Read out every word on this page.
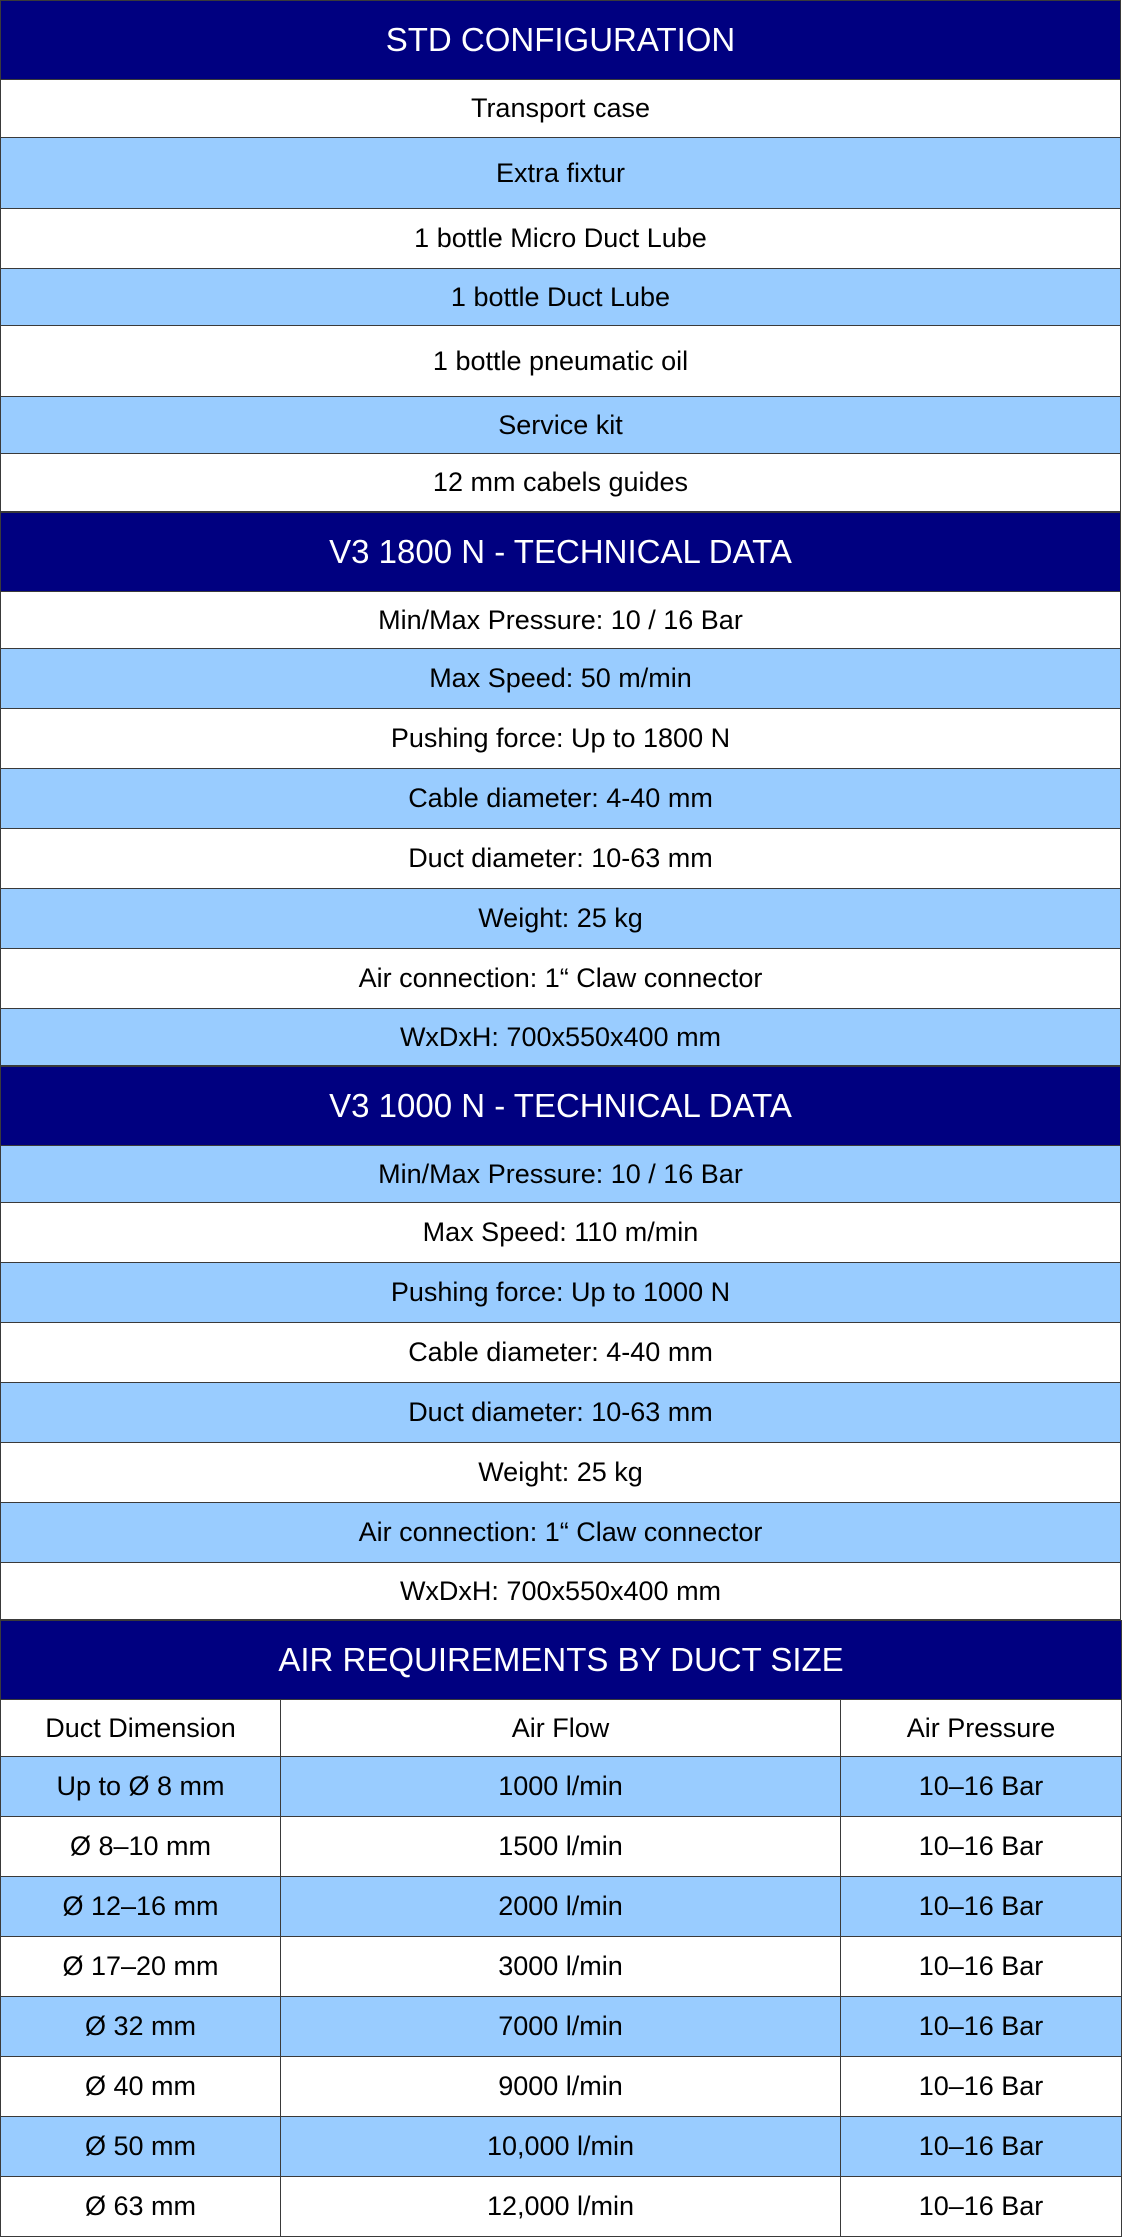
STD CONFIGURATION
Transport case
Extra fixtur
1 bottle Micro Duct Lube
1 bottle Duct Lube
1 bottle pneumatic oil
Service kit
12 mm cabels guides
V3 1800 N - TECHNICAL DATA
Min/Max Pressure: 10 / 16 Bar
Max Speed: 50 m/min
Pushing force: Up to 1800 N
Cable diameter: 4-40 mm
Duct diameter: 10-63 mm
Weight: 25 kg
Air connection: 1“ Claw connector
WxDxH: 700x550x400 mm
V3 1000 N - TECHNICAL DATA
Min/Max Pressure: 10 / 16 Bar
Max Speed: 110 m/min
Pushing force: Up to 1000 N
Cable diameter: 4-40 mm
Duct diameter: 10-63 mm
Weight: 25 kg
Air connection: 1“ Claw connector
WxDxH: 700x550x400 mm
AIR REQUIREMENTS BY DUCT SIZE		
Duct Dimension	Air Flow	Air Pressure
Up to Ø 8 mm	1000 l/min	10–16 Bar
Ø 8–10 mm	1500 l/min	10–16 Bar
Ø 12–16 mm	2000 l/min	10–16 Bar
Ø 17–20 mm	3000 l/min	10–16 Bar
Ø 32 mm	7000 l/min	10–16 Bar
Ø 40 mm	9000 l/min	10–16 Bar
Ø 50 mm	10,000 l/min	10–16 Bar
Ø 63 mm	12,000 l/min	10–16 Bar
